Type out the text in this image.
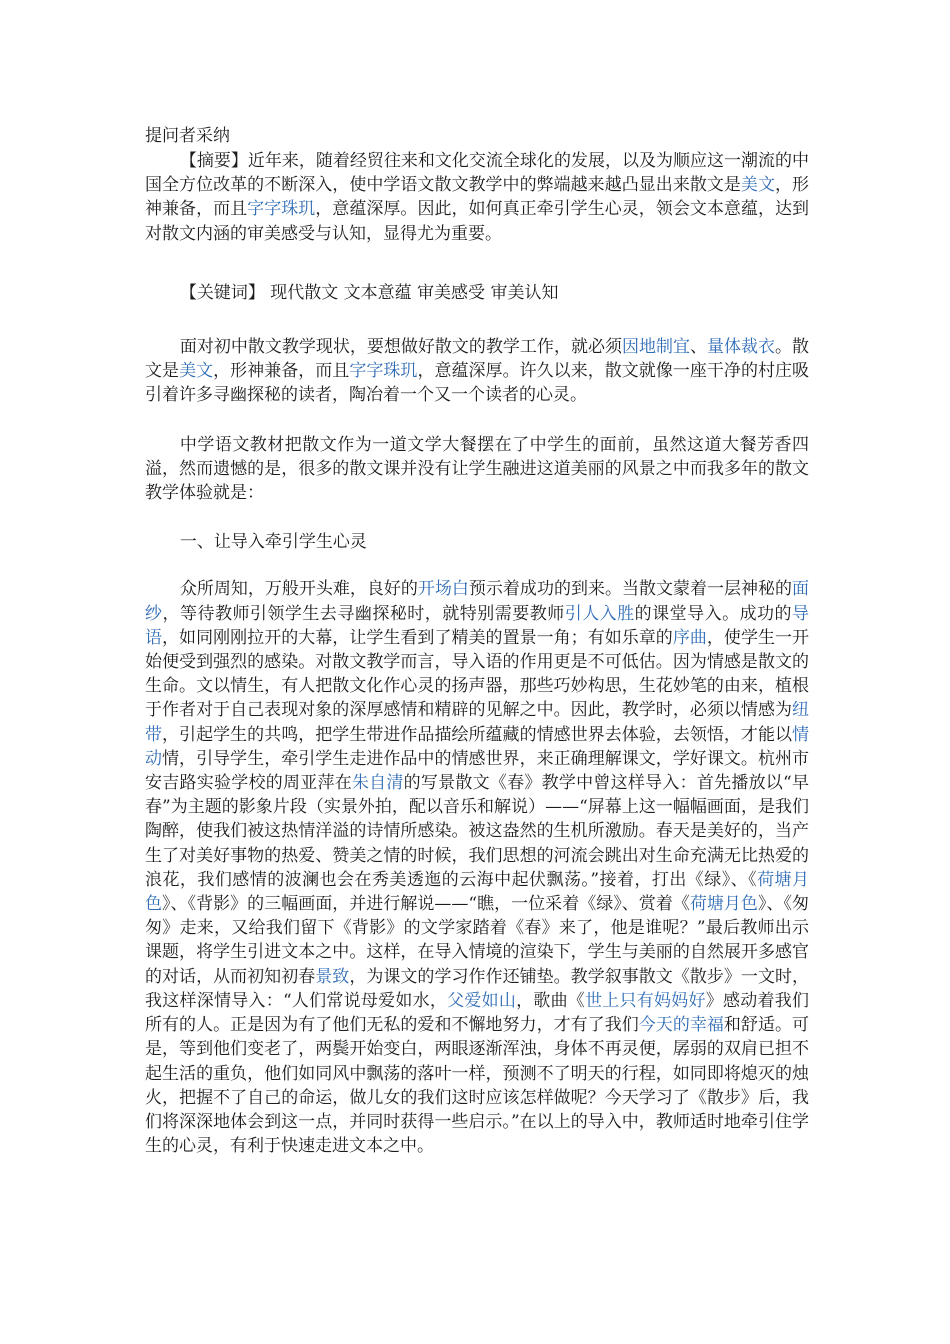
提问者采纳

【摘要】近年来，随着经贸往来和文化交流全球化的发展，以及为顺应这一潮流的中国全方位改革的不断深入，使中学语文散文教学中的弊端越来越凸显出来散文是美文，形神兼备，而且字字珠玑，意蕴深厚。因此，如何真正牵引学生心灵，领会文本意蕴，达到对散文内涵的审美感受与认知，显得尤为重要。

【关键词】 现代散文 文本意蕴 审美感受 审美认知

面对初中散文教学现状，要想做好散文的教学工作，就必须因地制宜、量体裁衣。散文是美文，形神兼备，而且字字珠玑，意蕴深厚。许久以来，散文就像一座干净的村庄吸引着许多寻幽探秘的读者，陶冶着一个又一个读者的心灵。

中学语文教材把散文作为一道文学大餐摆在了中学生的面前，虽然这道大餐芳香四溢，然而遗憾的是，很多的散文课并没有让学生融进这道美丽的风景之中而我多年的散文教学体验就是：

一、让导入牵引学生心灵

众所周知，万般开头难，良好的开场白预示着成功的到来。当散文蒙着一层神秘的面纱，等待教师引领学生去寻幽探秘时，就特别需要教师引人入胜的课堂导入。成功的导语，如同刚刚拉开的大幕，让学生看到了精美的置景一角；有如乐章的序曲，使学生一开始便受到强烈的感染。对散文教学而言，导入语的作用更是不可低估。因为情感是散文的生命。文以情生，有人把散文化作心灵的扬声器，那些巧妙构思，生花妙笔的由来，植根于作者对于自己表现对象的深厚感情和精辟的见解之中。因此，教学时，必须以情感为纽带，引起学生的共鸣，把学生带进作品描绘所蕴藏的情感世界去体验，去领悟，才能以情动情，引导学生，牵引学生走进作品中的情感世界，来正确理解课文，学好课文。杭州市安吉路实验学校的周亚萍在朱自清的写景散文《春》教学中曾这样导入：首先播放以“早春”为主题的影象片段（实景外拍，配以音乐和解说）——“屏幕上这一幅幅画面，是我们陶醉，使我们被这热情洋溢的诗情所感染。被这盎然的生机所激励。春天是美好的，当产生了对美好事物的热爱、赞美之情的时候，我们思想的河流会跳出对生命充满无比热爱的浪花，我们感情的波澜也会在秀美透迤的云海中起伏飘荡。”接着，打出《绿》、《荷塘月色》、《背影》的三幅画面，并进行解说——“瞧，一位采着《绿》、赏着《荷塘月色》、《匆匆》走来，又给我们留下《背影》的文学家踏着《春》来了，他是谁呢？”最后教师出示课题，将学生引进文本之中。这样，在导入情境的渲染下，学生与美丽的自然展开多感官的对话，从而初知初春景致，为课文的学习作作还铺垫。教学叙事散文《散步》一文时，我这样深情导入：“人们常说母爱如水，父爱如山，歌曲《世上只有妈妈好》感动着我们所有的人。正是因为有了他们无私的爱和不懈地努力，才有了我们今天的幸福和舒适。可是，等到他们变老了，两鬓开始变白，两眼逐渐浑浊，身体不再灵便，孱弱的双肩已担不起生活的重负，他们如同风中飘荡的落叶一样，预测不了明天的行程，如同即将熄灭的烛火，把握不了自己的命运，做儿女的我们这时应该怎样做呢？今天学习了《散步》后，我们将深深地体会到这一点，并同时获得一些启示。”在以上的导入中，教师适时地牵引住学生的心灵，有利于快速走进文本之中。
